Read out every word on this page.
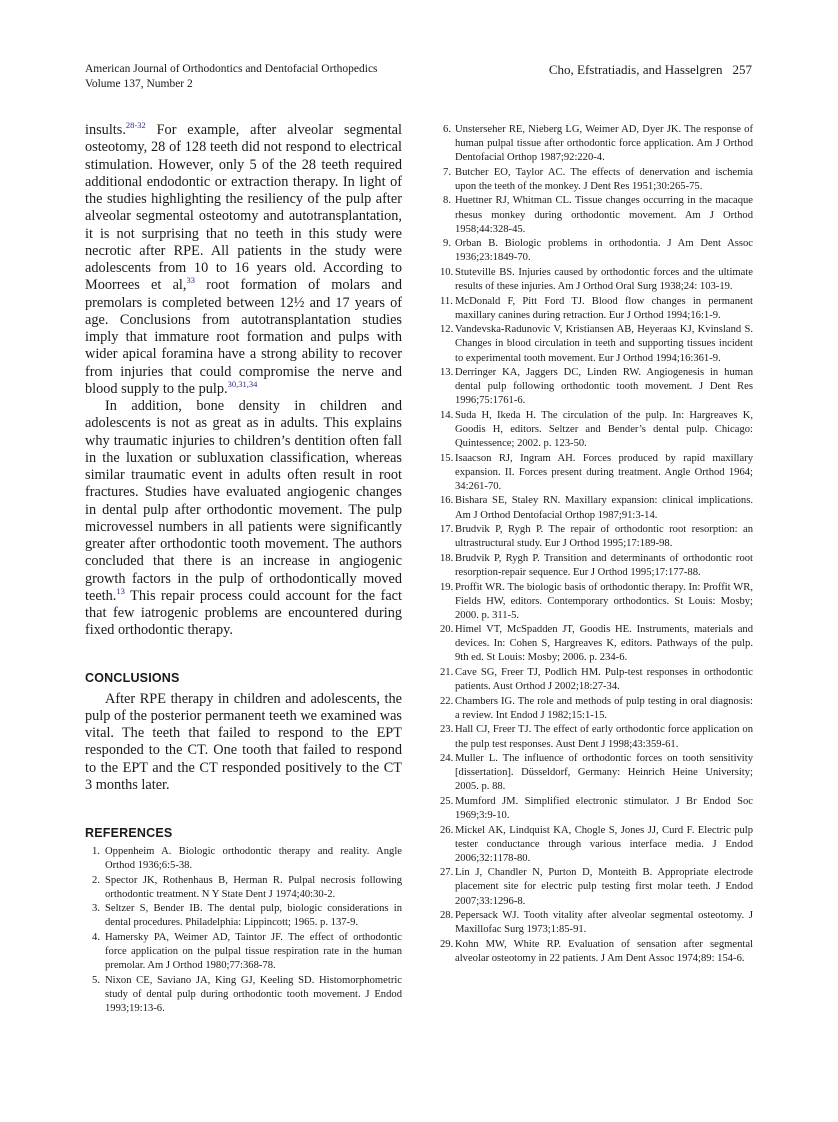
American Journal of Orthodontics and Dentofacial Orthopedics
Volume 137, Number 2
Cho, Efstratiadis, and Hasselgren 257

insults.$^{28-32}$ For example, after alveolar segmental osteotomy, 28 of 128 teeth did not respond to electrical stimulation. However, only 5 of the 28 teeth required additional endodontic or extraction therapy. In light of the studies highlighting the resiliency of the pulp after alveolar segmental osteotomy and autotransplantation, it is not surprising that no teeth in this study were necrotic after RPE. All patients in the study were adolescents from 10 to 16 years old. According to Moorrees et al,$^{33}$ root formation of molars and premolars is completed between 12½ and 17 years of age. Conclusions from autotransplantation studies imply that immature root formation and pulps with wider apical foramina have a strong ability to recover from injuries that could compromise the nerve and blood supply to the pulp.$^{30,31,34}$

In addition, bone density in children and adolescents is not as great as in adults. This explains why traumatic injuries to children’s dentition often fall in the luxation or subluxation classification, whereas similar traumatic event in adults often result in root fractures. Studies have evaluated angiogenic changes in dental pulp after orthodontic movement. The pulp microvessel numbers in all patients were significantly greater after orthodontic tooth movement. The authors concluded that there is an increase in angiogenic growth factors in the pulp of orthodontically moved teeth.$^{13}$ This repair process could account for the fact that few iatrogenic problems are encountered during fixed orthodontic therapy.

CONCLUSIONS

After RPE therapy in children and adolescents, the pulp of the posterior permanent teeth we examined was vital. The teeth that failed to respond to the EPT responded to the CT. One tooth that failed to respond to the EPT and the CT responded positively to the CT 3 months later.

REFERENCES
1. Oppenheim A. Biologic orthodontic therapy and reality. Angle Orthod 1936;6:5-38.
2. Spector JK, Rothenhaus B, Herman R. Pulpal necrosis following orthodontic treatment. N Y State Dent J 1974;40:30-2.
3. Seltzer S, Bender IB. The dental pulp, biologic considerations in dental procedures. Philadelphia: Lippincott; 1965. p. 137-9.
4. Hamersky PA, Weimer AD, Taintor JF. The effect of orthodontic force application on the pulpal tissue respiration rate in the human premolar. Am J Orthod 1980;77:368-78.
5. Nixon CE, Saviano JA, King GJ, Keeling SD. Histomorphometric study of dental pulp during orthodontic tooth movement. J Endod 1993;19:13-6.
6. Unsterseher RE, Nieberg LG, Weimer AD, Dyer JK. The response of human pulpal tissue after orthodontic force application. Am J Orthod Dentofacial Orthop 1987;92:220-4.
7. Butcher EO, Taylor AC. The effects of denervation and ischemia upon the teeth of the monkey. J Dent Res 1951;30:265-75.
8. Huettner RJ, Whitman CL. Tissue changes occurring in the macaque rhesus monkey during orthodontic movement. Am J Orthod 1958;44:328-45.
9. Orban B. Biologic problems in orthodontia. J Am Dent Assoc 1936;23:1849-70.
10. Stuteville BS. Injuries caused by orthodontic forces and the ultimate results of these injuries. Am J Orthod Oral Surg 1938;24: 103-19.
11. McDonald F, Pitt Ford TJ. Blood flow changes in permanent maxillary canines during retraction. Eur J Orthod 1994;16:1-9.
12. Vandevska-Radunovic V, Kristiansen AB, Heyeraas KJ, Kvinsland S. Changes in blood circulation in teeth and supporting tissues incident to experimental tooth movement. Eur J Orthod 1994;16:361-9.
13. Derringer KA, Jaggers DC, Linden RW. Angiogenesis in human dental pulp following orthodontic tooth movement. J Dent Res 1996;75:1761-6.
14. Suda H, Ikeda H. The circulation of the pulp. In: Hargreaves K, Goodis H, editors. Seltzer and Bender’s dental pulp. Chicago: Quintessence; 2002. p. 123-50.
15. Isaacson RJ, Ingram AH. Forces produced by rapid maxillary expansion. II. Forces present during treatment. Angle Orthod 1964; 34:261-70.
16. Bishara SE, Staley RN. Maxillary expansion: clinical implications. Am J Orthod Dentofacial Orthop 1987;91:3-14.
17. Brudvik P, Rygh P. The repair of orthodontic root resorption: an ultrastructural study. Eur J Orthod 1995;17:189-98.
18. Brudvik P, Rygh P. Transition and determinants of orthodontic root resorption-repair sequence. Eur J Orthod 1995;17:177-88.
19. Proffit WR. The biologic basis of orthodontic therapy. In: Proffit WR, Fields HW, editors. Contemporary orthodontics. St Louis: Mosby; 2000. p. 311-5.
20. Himel VT, McSpadden JT, Goodis HE. Instruments, materials and devices. In: Cohen S, Hargreaves K, editors. Pathways of the pulp. 9th ed. St Louis: Mosby; 2006. p. 234-6.
21. Cave SG, Freer TJ, Podlich HM. Pulp-test responses in orthodontic patients. Aust Orthod J 2002;18:27-34.
22. Chambers IG. The role and methods of pulp testing in oral diagnosis: a review. Int Endod J 1982;15:1-15.
23. Hall CJ, Freer TJ. The effect of early orthodontic force application on the pulp test responses. Aust Dent J 1998;43:359-61.
24. Muller L. The influence of orthodontic forces on tooth sensitivity [dissertation]. Düsseldorf, Germany: Heinrich Heine University; 2005. p. 88.
25. Mumford JM. Simplified electronic stimulator. J Br Endod Soc 1969;3:9-10.
26. Mickel AK, Lindquist KA, Chogle S, Jones JJ, Curd F. Electric pulp tester conductance through various interface media. J Endod 2006;32:1178-80.
27. Lin J, Chandler N, Purton D, Monteith B. Appropriate electrode placement site for electric pulp testing first molar teeth. J Endod 2007;33:1296-8.
28. Pepersack WJ. Tooth vitality after alveolar segmental osteotomy. J Maxillofac Surg 1973;1:85-91.
29. Kohn MW, White RP. Evaluation of sensation after segmental alveolar osteotomy in 22 patients. J Am Dent Assoc 1974;89: 154-6.
